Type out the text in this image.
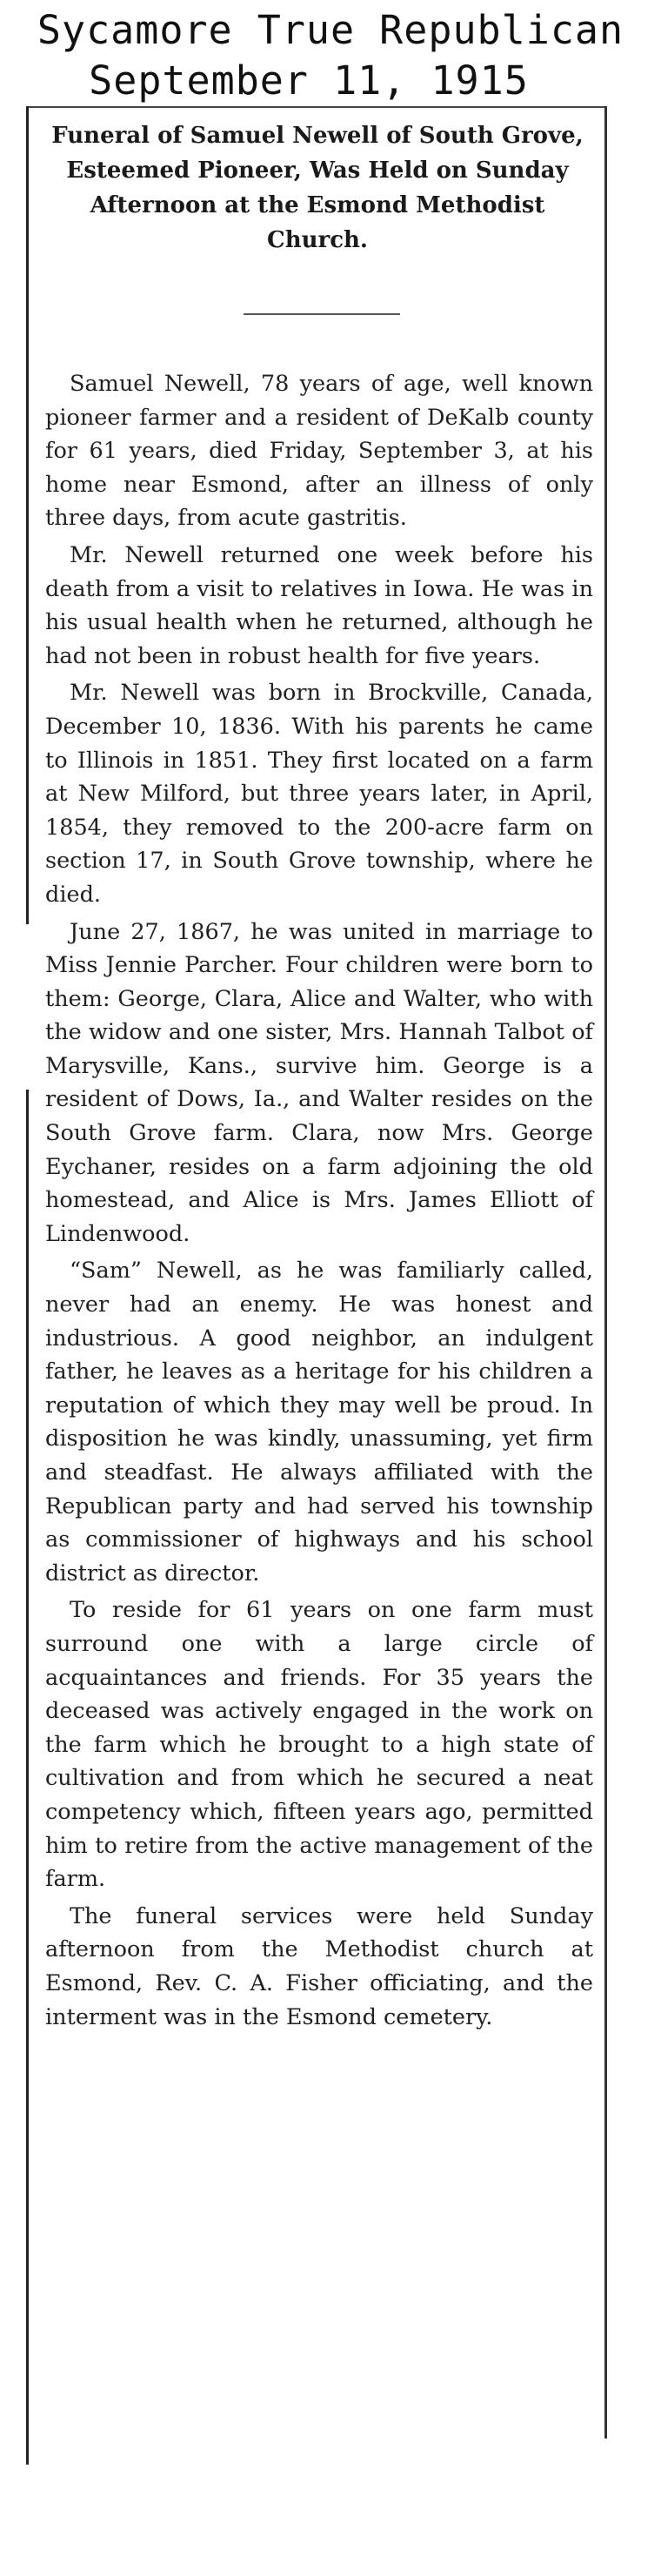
Sycamore True Republican
September 11, 1915
Funeral of Samuel Newell of South Grove, Esteemed Pioneer, Was Held on Sunday Afternoon at the Esmond Methodist Church.

Samuel Newell, 78 years of age, well known pioneer farmer and a resident of DeKalb county for 61 years, died Friday, September 3, at his home near Esmond, after an illness of only three days, from acute gastritis.

Mr. Newell returned one week before his death from a visit to relatives in Iowa. He was in his usual health when he returned, although he had not been in robust health for five years.

Mr. Newell was born in Brockville, Canada, December 10, 1836. With his parents he came to Illinois in 1851. They first located on a farm at New Milford, but three years later, in April, 1854, they removed to the 200-acre farm on section 17, in South Grove township, where he died.

June 27, 1867, he was united in marriage to Miss Jennie Parcher. Four children were born to them: George, Clara, Alice and Walter, who with the widow and one sister, Mrs. Hannah Talbot of Marysville, Kans., survive him. George is a resident of Dows, Ia., and Walter resides on the South Grove farm. Clara, now Mrs. George Eychaner, resides on a farm adjoining the old homestead, and Alice is Mrs. James Elliott of Lindenwood.

“Sam” Newell, as he was familiarly called, never had an enemy. He was honest and industrious. A good neighbor, an indulgent father, he leaves as a heritage for his children a reputation of which they may well be proud. In disposition he was kindly, unassuming, yet firm and steadfast. He always affiliated with the Republican party and had served his township as commissioner of highways and his school district as director.

To reside for 61 years on one farm must surround one with a large circle of acquaintances and friends. For 35 years the deceased was actively engaged in the work on the farm which he brought to a high state of cultivation and from which he secured a neat competency which, fifteen years ago, permitted him to retire from the active management of the farm.

The funeral services were held Sunday afternoon from the Methodist church at Esmond, Rev. C. A. Fisher officiating, and the interment was in the Esmond cemetery.
